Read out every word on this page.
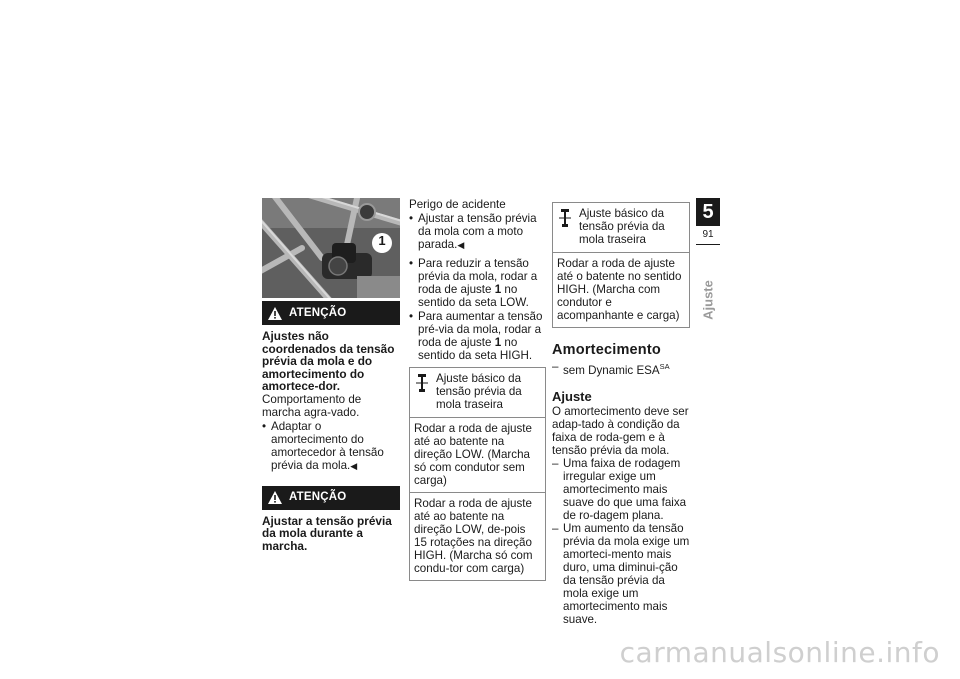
1
ATENÇÃO
Ajustes não coordenados da tensão prévia da mola e do amortecimento do amortece-dor.

Comportamento de marcha agra-vado.

• Adaptar o amortecimento do amortecedor à tensão prévia da mola.◀

ATENÇÃO
Ajustar a tensão prévia da mola durante a marcha.

Perigo de acidente

• Ajustar a tensão prévia da mola com a moto parada.◀

• Para reduzir a tensão prévia da mola, rodar a roda de ajuste 1 no sentido da seta LOW.

• Para aumentar a tensão pré-via da mola, rodar a roda de ajuste 1 no sentido da seta HIGH.

Ajuste básico da tensão prévia da mola traseira
Rodar a roda de ajuste até ao batente na direção LOW. (Marcha só com condutor sem carga)
Rodar a roda de ajuste até ao batente na direção LOW, de-pois 15 rotações na direção HIGH. (Marcha só com condu-tor com carga)
Ajuste básico da tensão prévia da mola traseira
Rodar a roda de ajuste até o batente no sentido HIGH. (Marcha com condutor e acompanhante e carga)
Amortecimento

– sem Dynamic $ESA^{SA}$

Ajuste

O amortecimento deve ser adap-tado à condição da faixa de roda-gem e à tensão prévia da mola.

– Uma faixa de rodagem irregular exige um amortecimento mais suave do que uma faixa de ro-dagem plana.

– Um aumento da tensão prévia da mola exige um amorteci-mento mais duro, uma diminui-ção da tensão prévia da mola exige um amortecimento mais suave.

5
91
Ajuste
carmanualsonline.info
